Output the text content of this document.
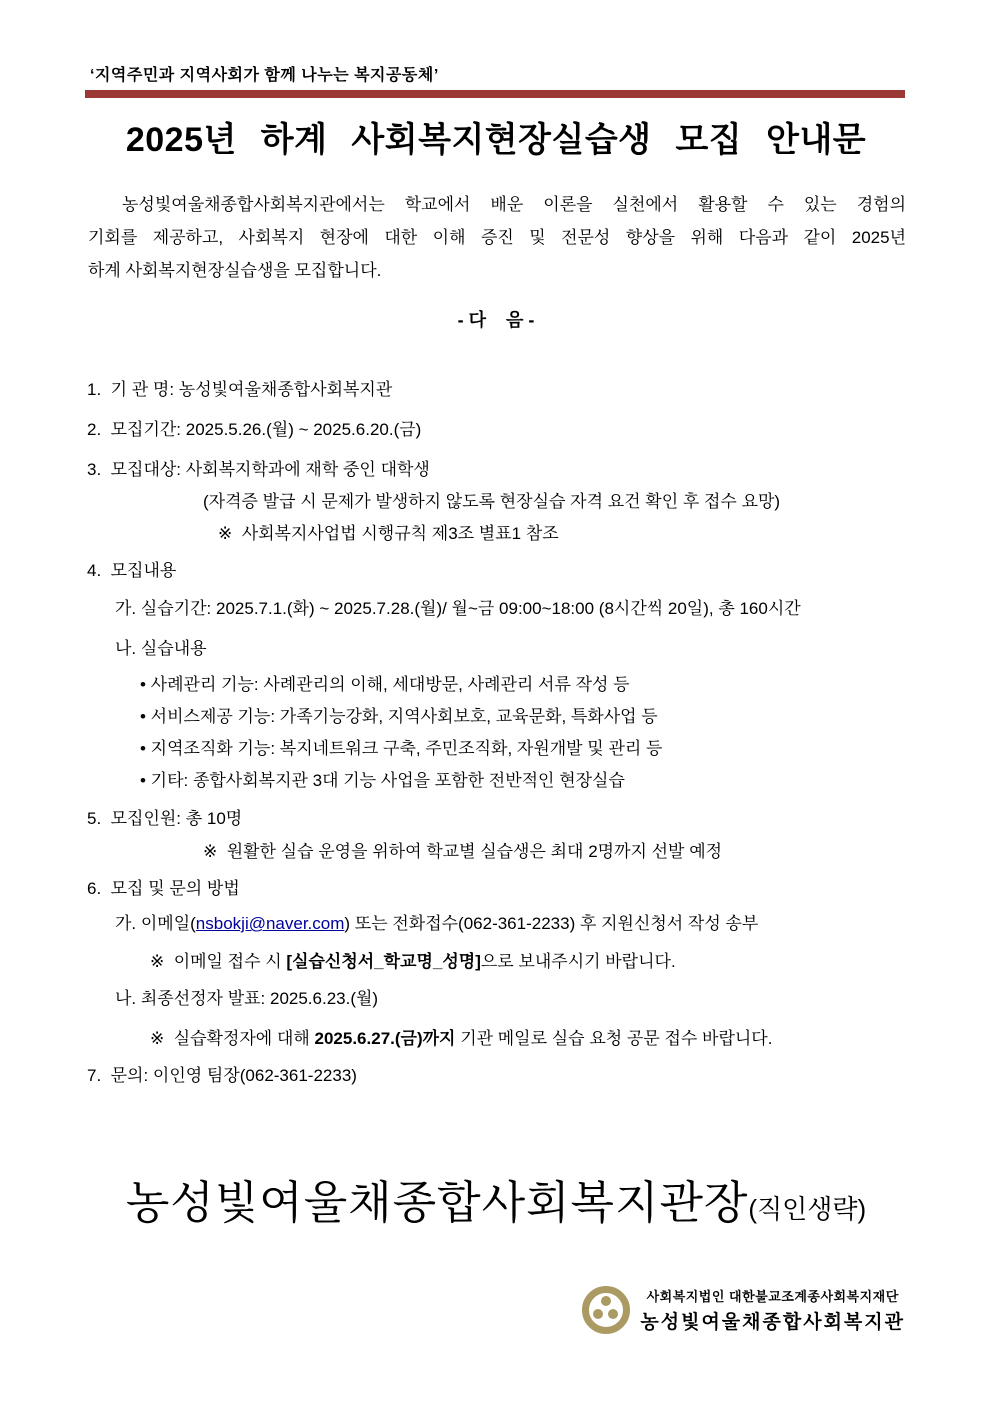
‘지역주민과 지역사회가 함께 나누는 복지공동체’
2025년 하계 사회복지현장실습생 모집 안내문
농성빛여울채종합사회복지관에서는 학교에서 배운 이론을 실천에서 활용할 수 있는 경험의
기회를 제공하고, 사회복지 현장에 대한 이해 증진 및 전문성 향상을 위해 다음과 같이 2025년
하계 사회복지현장실습생을 모집합니다.
- 다    음 -
1.  기 관 명: 농성빛여울채종합사회복지관
2.  모집기간: 2025.5.26.(월) ~ 2025.6.20.(금)
3.  모집대상: 사회복지학과에 재학 중인 대학생
(자격증 발급 시 문제가 발생하지 않도록 현장실습 자격 요건 확인 후 접수 요망)
※  사회복지사업법 시행규칙 제3조 별표1 참조
4.  모집내용
가. 실습기간: 2025.7.1.(화) ~ 2025.7.28.(월)/ 월~금 09:00~18:00 (8시간씩 20일), 총 160시간
나. 실습내용
• 사례관리 기능: 사례관리의 이해, 세대방문, 사례관리 서류 작성 등
• 서비스제공 기능: 가족기능강화, 지역사회보호, 교육문화, 특화사업 등
• 지역조직화 기능: 복지네트워크 구축, 주민조직화, 자원개발 및 관리 등
• 기타: 종합사회복지관 3대 기능 사업을 포함한 전반적인 현장실습
5.  모집인원: 총 10명
※  원활한 실습 운영을 위하여 학교별 실습생은 최대 2명까지 선발 예정
6.  모집 및 문의 방법
가. 이메일(nsbokji@naver.com) 또는 전화접수(062-361-2233) 후 지원신청서 작성 송부
※  이메일 접수 시 [실습신청서_학교명_성명]으로 보내주시기 바랍니다.
나. 최종선정자 발표: 2025.6.23.(월)
※  실습확정자에 대해 2025.6.27.(금)까지 기관 메일로 실습 요청 공문 접수 바랍니다.
7.  문의: 이인영 팀장(062-361-2233)
농성빛여울채종합사회복지관장(직인생략)
사회복지법인 대한불교조계종사회복지재단
농성빛여울채종합사회복지관
